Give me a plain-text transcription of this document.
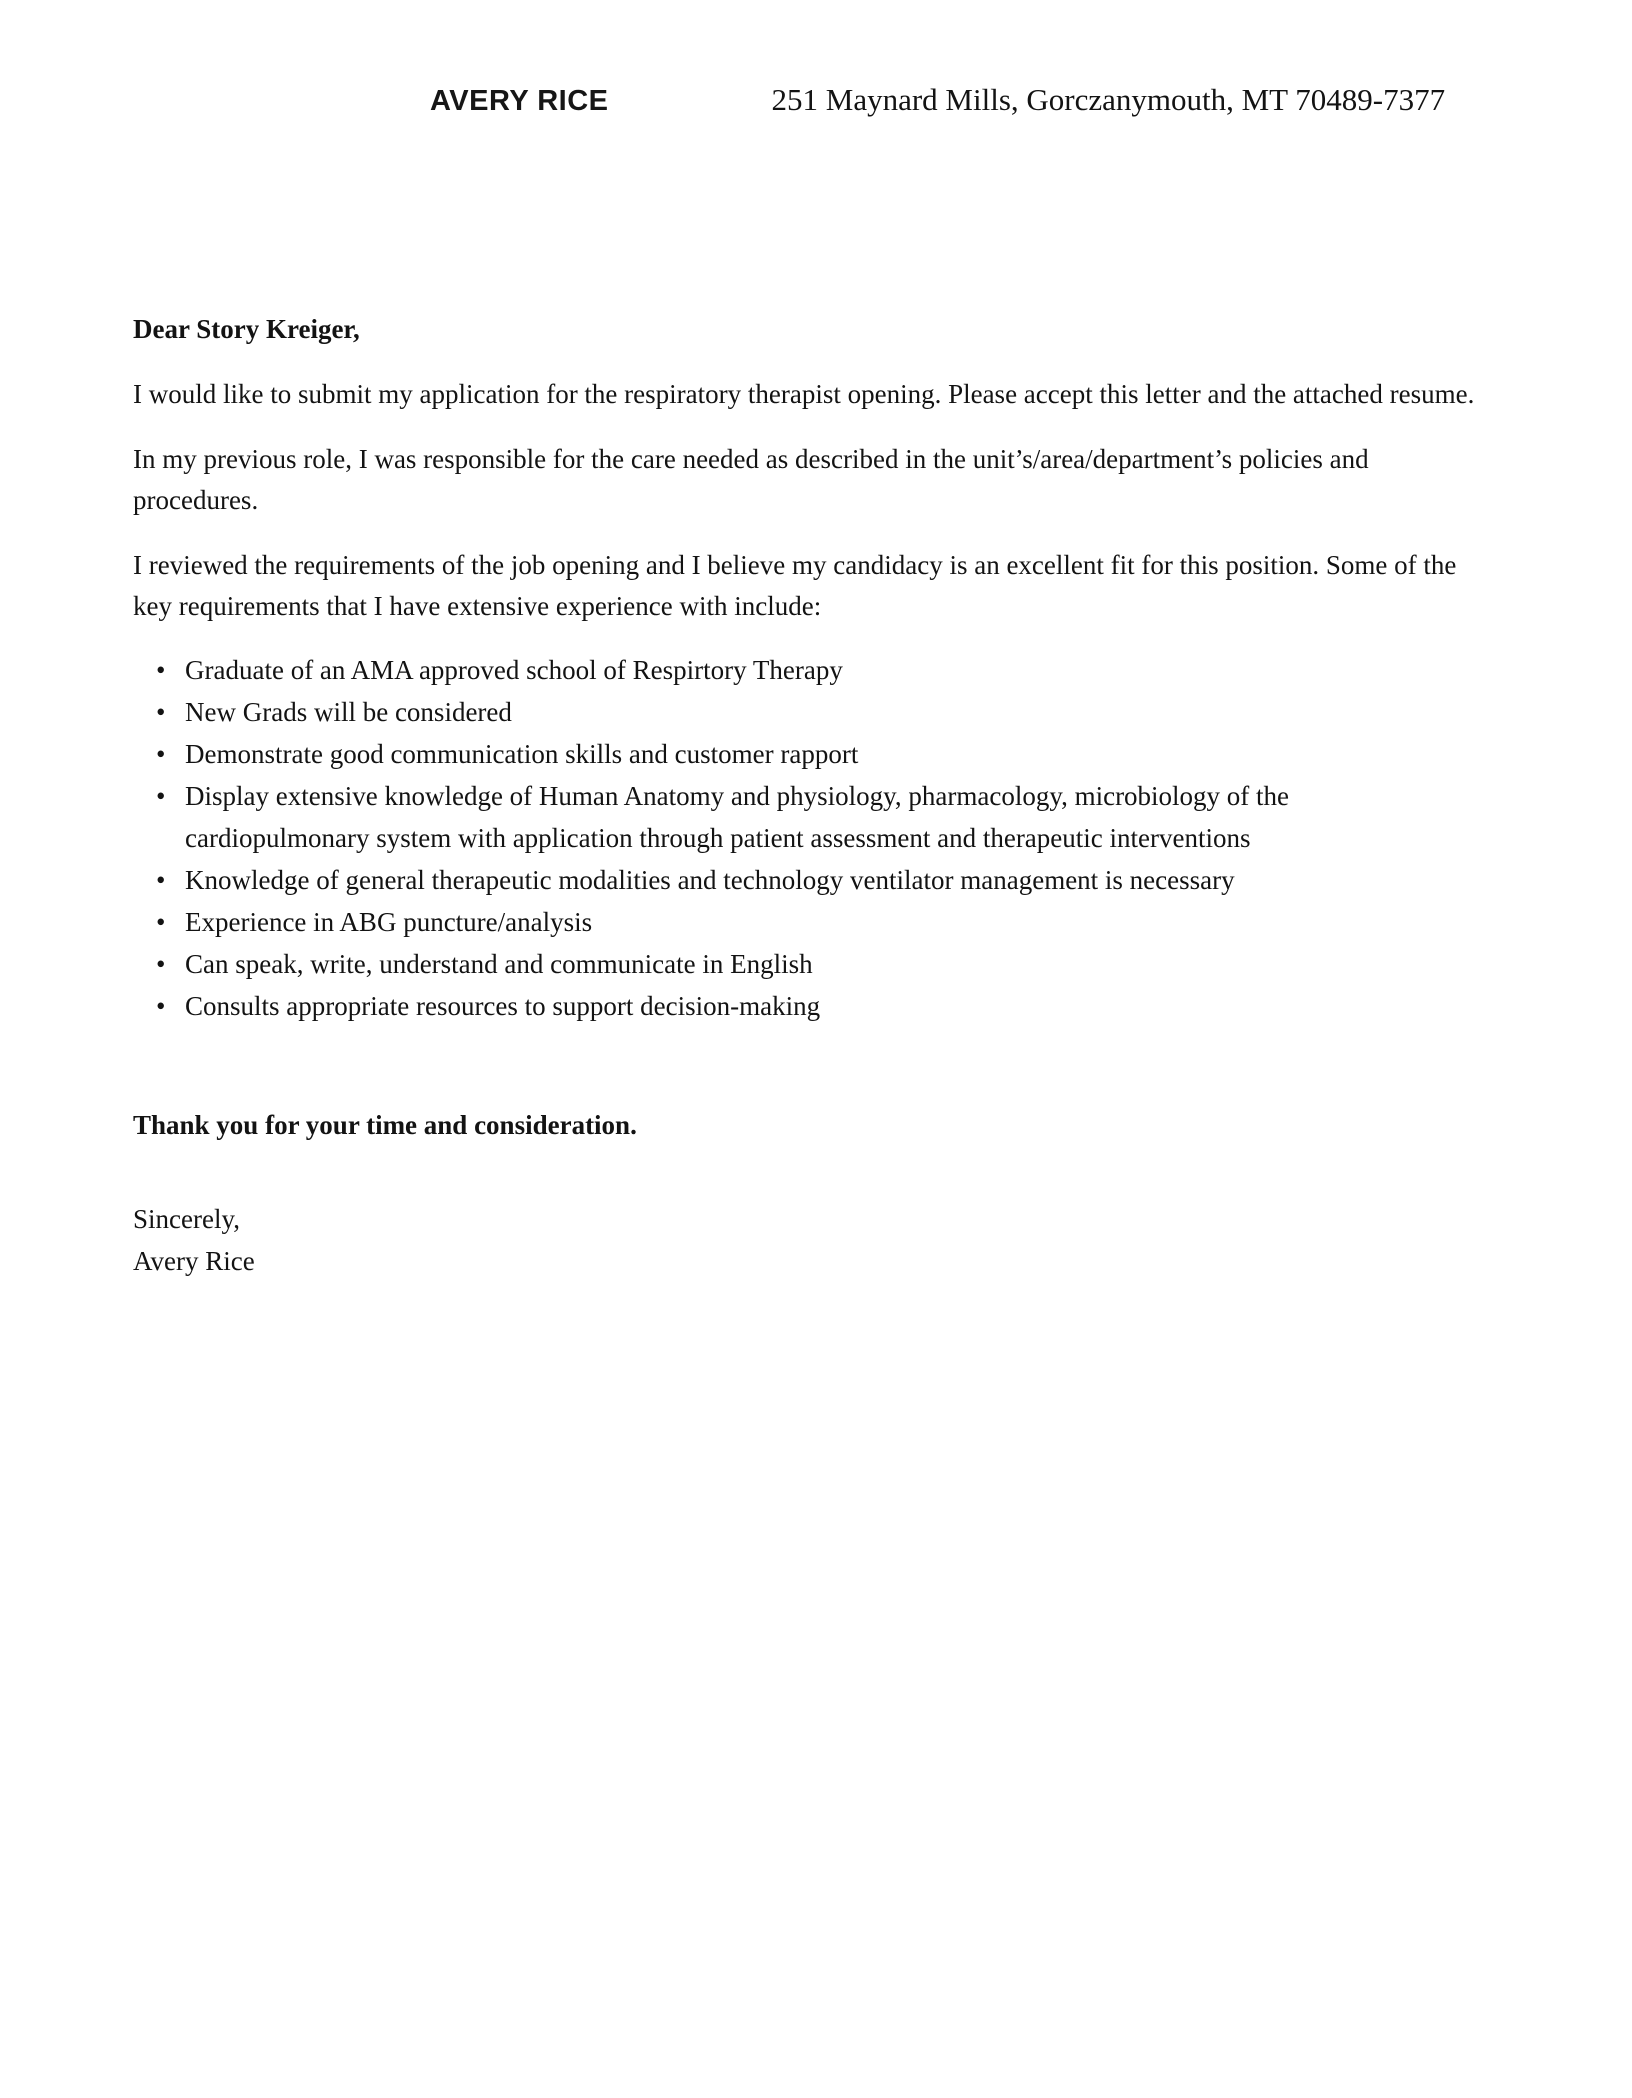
AVERY RICE	251 Maynard Mills, Gorczanymouth, MT 70489-7377

Dear Story Kreiger,

I would like to submit my application for the respiratory therapist opening. Please accept this letter and the attached resume.

In my previous role, I was responsible for the care needed as described in the unit’s/area/department’s policies and procedures.

I reviewed the requirements of the job opening and I believe my candidacy is an excellent fit for this position. Some of the key requirements that I have extensive experience with include:

• Graduate of an AMA approved school of Respirtory Therapy
• New Grads will be considered
• Demonstrate good communication skills and customer rapport
• Display extensive knowledge of Human Anatomy and physiology, pharmacology, microbiology of the cardiopulmonary system with application through patient assessment and therapeutic interventions
• Knowledge of general therapeutic modalities and technology ventilator management is necessary
• Experience in ABG puncture/analysis
• Can speak, write, understand and communicate in English
• Consults appropriate resources to support decision-making

Thank you for your time and consideration.

Sincerely,
Avery Rice
